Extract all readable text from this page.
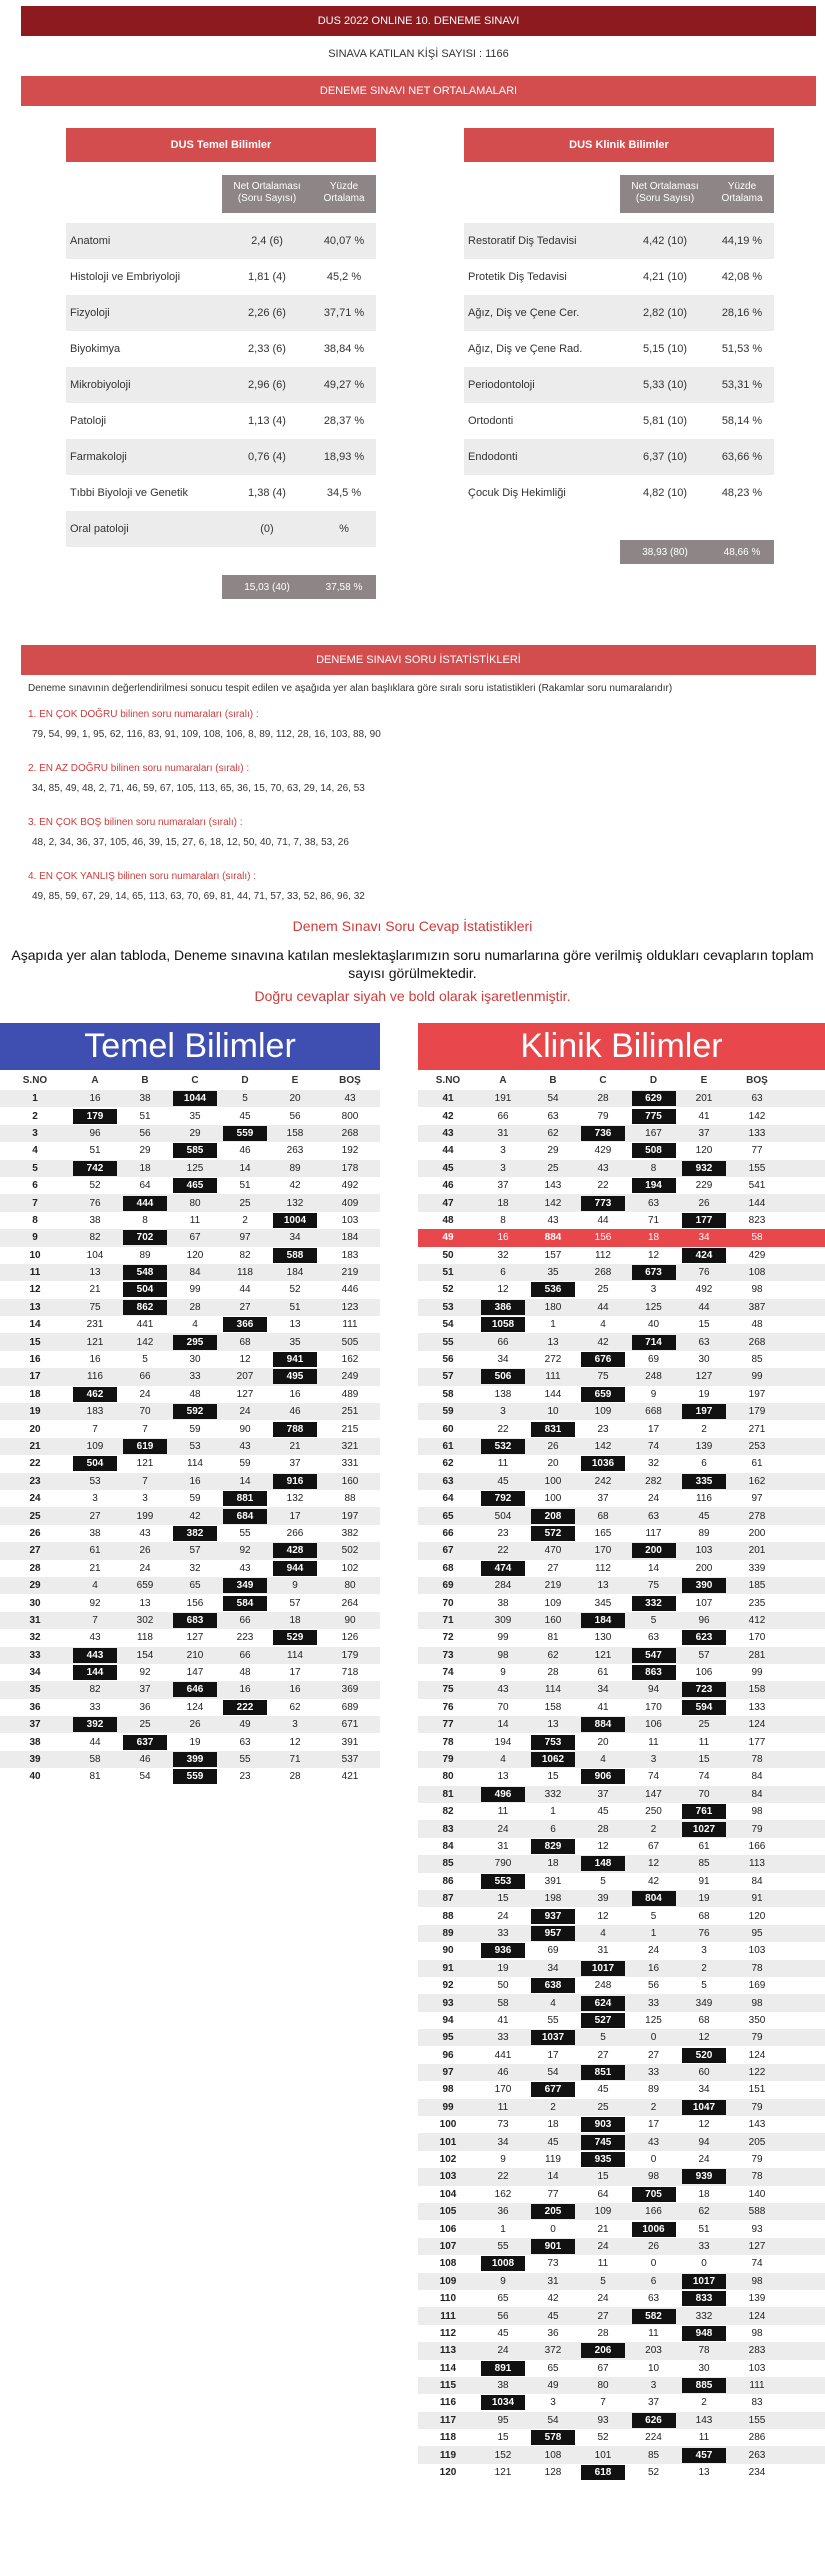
DUS 2022 ONLINE 10. DENEME SINAVI
SINAVA KATILAN KİŞİ SAYISI : 1166
DENEME SINAVI NET ORTALAMALARI
DUS Temel Bilimler
Net Ortalaması (Soru Sayısı)
Yüzde Ortalama
Anatomi	2,4 (6)	40,07 %
Histoloji ve Embriyoloji	1,81 (4)	45,2 %
Fizyoloji	2,26 (6)	37,71 %
Biyokimya	2,33 (6)	38,84 %
Mikrobiyoloji	2,96 (6)	49,27 %
Patoloji	1,13 (4)	28,37 %
Farmakoloji	0,76 (4)	18,93 %
Tıbbi Biyoloji ve Genetik	1,38 (4)	34,5 %
Oral patoloji	(0)	%
15,03 (40)	37,58 %
DUS Klinik Bilimler
Net Ortalaması (Soru Sayısı)
Yüzde Ortalama
Restoratif Diş Tedavisi	4,42 (10)	44,19 %
Protetik Diş Tedavisi	4,21 (10)	42,08 %
Ağız, Diş ve Çene Cer.	2,82 (10)	28,16 %
Ağız, Diş ve Çene Rad.	5,15 (10)	51,53 %
Periodontoloji	5,33 (10)	53,31 %
Ortodonti	5,81 (10)	58,14 %
Endodonti	6,37 (10)	63,66 %
Çocuk Diş Hekimliği	4,82 (10)	48,23 %
38,93 (80)	48,66 %
DENEME SINAVI SORU İSTATİSTİKLERİ
Deneme sınavının değerlendirilmesi sonucu tespit edilen ve aşağıda yer alan başlıklara göre sıralı soru istatistikleri (Rakamlar soru numaralarıdır)
1. EN ÇOK DOĞRU bilinen soru numaraları (sıralı) :
79, 54, 99, 1, 95, 62, 116, 83, 91, 109, 108, 106, 8, 89, 112, 28, 16, 103, 88, 90
2. EN AZ DOĞRU bilinen soru numaraları (sıralı) :
34, 85, 49, 48, 2, 71, 46, 59, 67, 105, 113, 65, 36, 15, 70, 63, 29, 14, 26, 53
3. EN ÇOK BOŞ bilinen soru numaraları (sıralı) :
48, 2, 34, 36, 37, 105, 46, 39, 15, 27, 6, 18, 12, 50, 40, 71, 7, 38, 53, 26
4. EN ÇOK YANLIŞ bilinen soru numaraları (sıralı) :
49, 85, 59, 67, 29, 14, 65, 113, 63, 70, 69, 81, 44, 71, 57, 33, 52, 86, 96, 32
Denem Sınavı Soru Cevap İstatistikleri
Aşapıda yer alan tabloda, Deneme sınavına katılan meslektaşlarımızın soru numarlarına göre verilmiş oldukları cevapların toplam sayısı görülmektedir.
Doğru cevaplar siyah ve bold olarak işaretlenmiştir.
Temel Bilimler
S.NO	A	B	C	D	E	BOŞ
1	16	38	1044	5	20	43
2	179	51	35	45	56	800
3	96	56	29	559	158	268
4	51	29	585	46	263	192
5	742	18	125	14	89	178
6	52	64	465	51	42	492
7	76	444	80	25	132	409
8	38	8	11	2	1004	103
9	82	702	67	97	34	184
10	104	89	120	82	588	183
11	13	548	84	118	184	219
12	21	504	99	44	52	446
13	75	862	28	27	51	123
14	231	441	4	366	13	111
15	121	142	295	68	35	505
16	16	5	30	12	941	162
17	116	66	33	207	495	249
18	462	24	48	127	16	489
19	183	70	592	24	46	251
20	7	7	59	90	788	215
21	109	619	53	43	21	321
22	504	121	114	59	37	331
23	53	7	16	14	916	160
24	3	3	59	881	132	88
25	27	199	42	684	17	197
26	38	43	382	55	266	382
27	61	26	57	92	428	502
28	21	24	32	43	944	102
29	4	659	65	349	9	80
30	92	13	156	584	57	264
31	7	302	683	66	18	90
32	43	118	127	223	529	126
33	443	154	210	66	114	179
34	144	92	147	48	17	718
35	82	37	646	16	16	369
36	33	36	124	222	62	689
37	392	25	26	49	3	671
38	44	637	19	63	12	391
39	58	46	399	55	71	537
40	81	54	559	23	28	421
Klinik Bilimler
S.NO	A	B	C	D	E	BOŞ
41	191	54	28	629	201	63
42	66	63	79	775	41	142
43	31	62	736	167	37	133
44	3	29	429	508	120	77
45	3	25	43	8	932	155
46	37	143	22	194	229	541
47	18	142	773	63	26	144
48	8	43	44	71	177	823
49	16	884	156	18	34	58
50	32	157	112	12	424	429
51	6	35	268	673	76	108
52	12	536	25	3	492	98
53	386	180	44	125	44	387
54	1058	1	4	40	15	48
55	66	13	42	714	63	268
56	34	272	676	69	30	85
57	506	111	75	248	127	99
58	138	144	659	9	19	197
59	3	10	109	668	197	179
60	22	831	23	17	2	271
61	532	26	142	74	139	253
62	11	20	1036	32	6	61
63	45	100	242	282	335	162
64	792	100	37	24	116	97
65	504	208	68	63	45	278
66	23	572	165	117	89	200
67	22	470	170	200	103	201
68	474	27	112	14	200	339
69	284	219	13	75	390	185
70	38	109	345	332	107	235
71	309	160	184	5	96	412
72	99	81	130	63	623	170
73	98	62	121	547	57	281
74	9	28	61	863	106	99
75	43	114	34	94	723	158
76	70	158	41	170	594	133
77	14	13	884	106	25	124
78	194	753	20	11	11	177
79	4	1062	4	3	15	78
80	13	15	906	74	74	84
81	496	332	37	147	70	84
82	11	1	45	250	761	98
83	24	6	28	2	1027	79
84	31	829	12	67	61	166
85	790	18	148	12	85	113
86	553	391	5	42	91	84
87	15	198	39	804	19	91
88	24	937	12	5	68	120
89	33	957	4	1	76	95
90	936	69	31	24	3	103
91	19	34	1017	16	2	78
92	50	638	248	56	5	169
93	58	4	624	33	349	98
94	41	55	527	125	68	350
95	33	1037	5	0	12	79
96	441	17	27	27	520	124
97	46	54	851	33	60	122
98	170	677	45	89	34	151
99	11	2	25	2	1047	79
100	73	18	903	17	12	143
101	34	45	745	43	94	205
102	9	119	935	0	24	79
103	22	14	15	98	939	78
104	162	77	64	705	18	140
105	36	205	109	166	62	588
106	1	0	21	1006	51	93
107	55	901	24	26	33	127
108	1008	73	11	0	0	74
109	9	31	5	6	1017	98
110	65	42	24	63	833	139
111	56	45	27	582	332	124
112	45	36	28	11	948	98
113	24	372	206	203	78	283
114	891	65	67	10	30	103
115	38	49	80	3	885	111
116	1034	3	7	37	2	83
117	95	54	93	626	143	155
118	15	578	52	224	11	286
119	152	108	101	85	457	263
120	121	128	618	52	13	234
